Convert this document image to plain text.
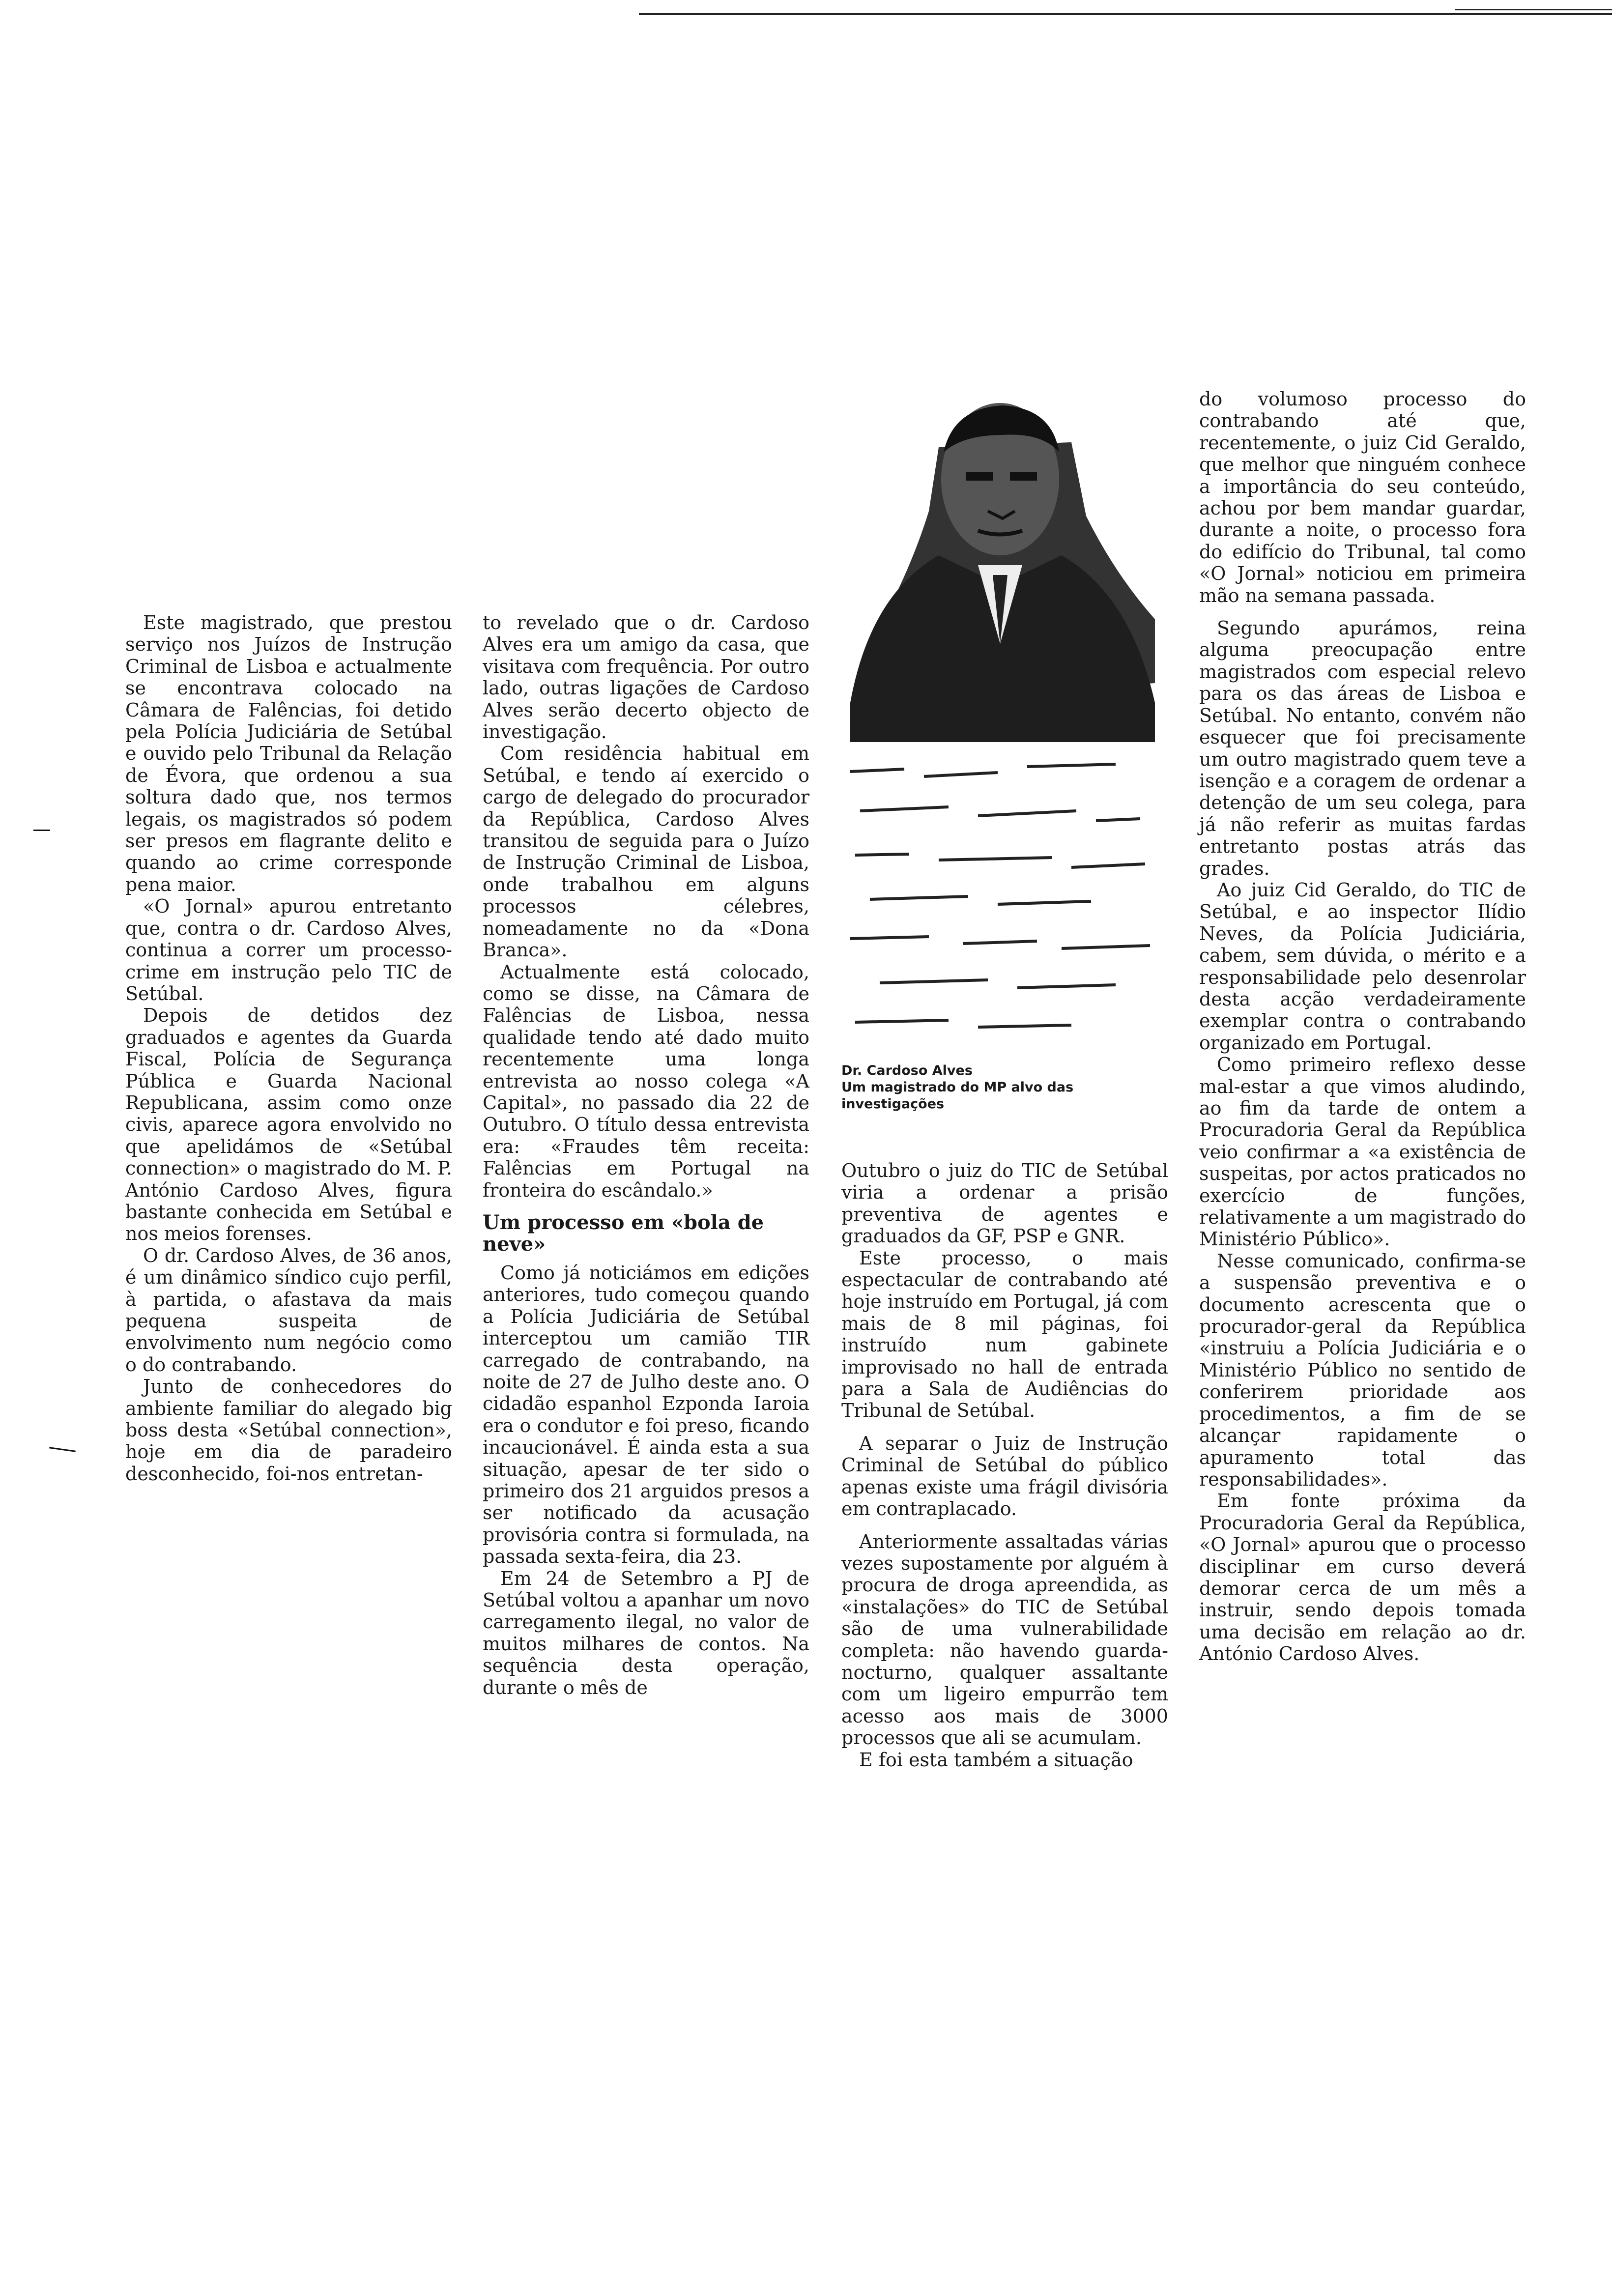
Este magistrado, que prestou serviço nos Juízos de Instrução Criminal de Lisboa e actualmente se encontrava colocado na Câmara de Falências, foi detido pela Polícia Judiciária de Setúbal e ouvido pelo Tribunal da Relação de Évora, que ordenou a sua soltura dado que, nos termos legais, os magistrados só podem ser presos em flagrante delito e quando ao crime corresponde pena maior.

«O Jornal» apurou entretanto que, contra o dr. Cardoso Alves, continua a correr um processo-crime em instrução pelo TIC de Setúbal.

Depois de detidos dez graduados e agentes da Guarda Fiscal, Polícia de Segurança Pública e Guarda Nacional Republicana, assim como onze civis, aparece agora envolvido no que apelidámos de «Setúbal connection» o magistrado do M. P. António Cardoso Alves, figura bastante conhecida em Setúbal e nos meios forenses.

O dr. Cardoso Alves, de 36 anos, é um dinâmico síndico cujo perfil, à partida, o afastava da mais pequena suspeita de envolvimento num negócio como o do contrabando.

Junto de conhecedores do ambiente familiar do alegado big boss desta «Setúbal connection», hoje em dia de paradeiro desconhecido, foi-nos entretan-

to revelado que o dr. Cardoso Alves era um amigo da casa, que visitava com frequência. Por outro lado, outras ligações de Cardoso Alves serão decerto objecto de investigação.

Com residência habitual em Setúbal, e tendo aí exercido o cargo de delegado do procurador da República, Cardoso Alves transitou de seguida para o Juízo de Instrução Criminal de Lisboa, onde trabalhou em alguns processos célebres, nomeadamente no da «Dona Branca».

Actualmente está colocado, como se disse, na Câmara de Falências de Lisboa, nessa qualidade tendo até dado muito recentemente uma longa entrevista ao nosso colega «A Capital», no passado dia 22 de Outubro. O título dessa entrevista era: «Fraudes têm receita: Falências em Portugal na fronteira do escândalo.»

Um processo em «bola de neve»

Como já noticiámos em edições anteriores, tudo começou quando a Polícia Judiciária de Setúbal interceptou um camião TIR carregado de contrabando, na noite de 27 de Julho deste ano. O cidadão espanhol Ezponda Iaroia era o condutor e foi preso, ficando incaucionável. É ainda esta a sua situação, apesar de ter sido o primeiro dos 21 arguidos presos a ser notificado da acusação provisória contra si formulada, na passada sexta-feira, dia 23.

Em 24 de Setembro a PJ de Setúbal voltou a apanhar um novo carregamento ilegal, no valor de muitos milhares de contos. Na sequência desta operação, durante o mês de

Dr. Cardoso Alves
Um magistrado do MP alvo das investigações

Outubro o juiz do TIC de Setúbal viria a ordenar a prisão preventiva de agentes e graduados da GF, PSP e GNR.

Este processo, o mais espectacular de contrabando até hoje instruído em Portugal, já com mais de 8 mil páginas, foi instruído num gabinete improvisado no hall de entrada para a Sala de Audiências do Tribunal de Setúbal.

A separar o Juiz de Instrução Criminal de Setúbal do público apenas existe uma frágil divisória em contraplacado.

Anteriormente assaltadas várias vezes supostamente por alguém à procura de droga apreendida, as «instalações» do TIC de Setúbal são de uma vulnerabilidade completa: não havendo guarda-nocturno, qualquer assaltante com um ligeiro empurrão tem acesso aos mais de 3000 processos que ali se acumulam.

E foi esta também a situação

do volumoso processo do contrabando até que, recentemente, o juiz Cid Geraldo, que melhor que ninguém conhece a importância do seu conteúdo, achou por bem mandar guardar, durante a noite, o processo fora do edifício do Tribunal, tal como «O Jornal» noticiou em primeira mão na semana passada.

Segundo apurámos, reina alguma preocupação entre magistrados com especial relevo para os das áreas de Lisboa e Setúbal. No entanto, convém não esquecer que foi precisamente um outro magistrado quem teve a isenção e a coragem de ordenar a detenção de um seu colega, para já não referir as muitas fardas entretanto postas atrás das grades.

Ao juiz Cid Geraldo, do TIC de Setúbal, e ao inspector Ilídio Neves, da Polícia Judiciária, cabem, sem dúvida, o mérito e a responsabilidade pelo desenrolar desta acção verdadeiramente exemplar contra o contrabando organizado em Portugal.

Como primeiro reflexo desse mal-estar a que vimos aludindo, ao fim da tarde de ontem a Procuradoria Geral da República veio confirmar a «a existência de suspeitas, por actos praticados no exercício de funções, relativamente a um magistrado do Ministério Público».

Nesse comunicado, confirma-se a suspensão preventiva e o documento acrescenta que o procurador-geral da República «instruiu a Polícia Judiciária e o Ministério Público no sentido de conferirem prioridade aos procedimentos, a fim de se alcançar rapidamente o apuramento total das responsabilidades».

Em fonte próxima da Procuradoria Geral da República, «O Jornal» apurou que o processo disciplinar em curso deverá demorar cerca de um mês a instruir, sendo depois tomada uma decisão em relação ao dr. António Cardoso Alves.
